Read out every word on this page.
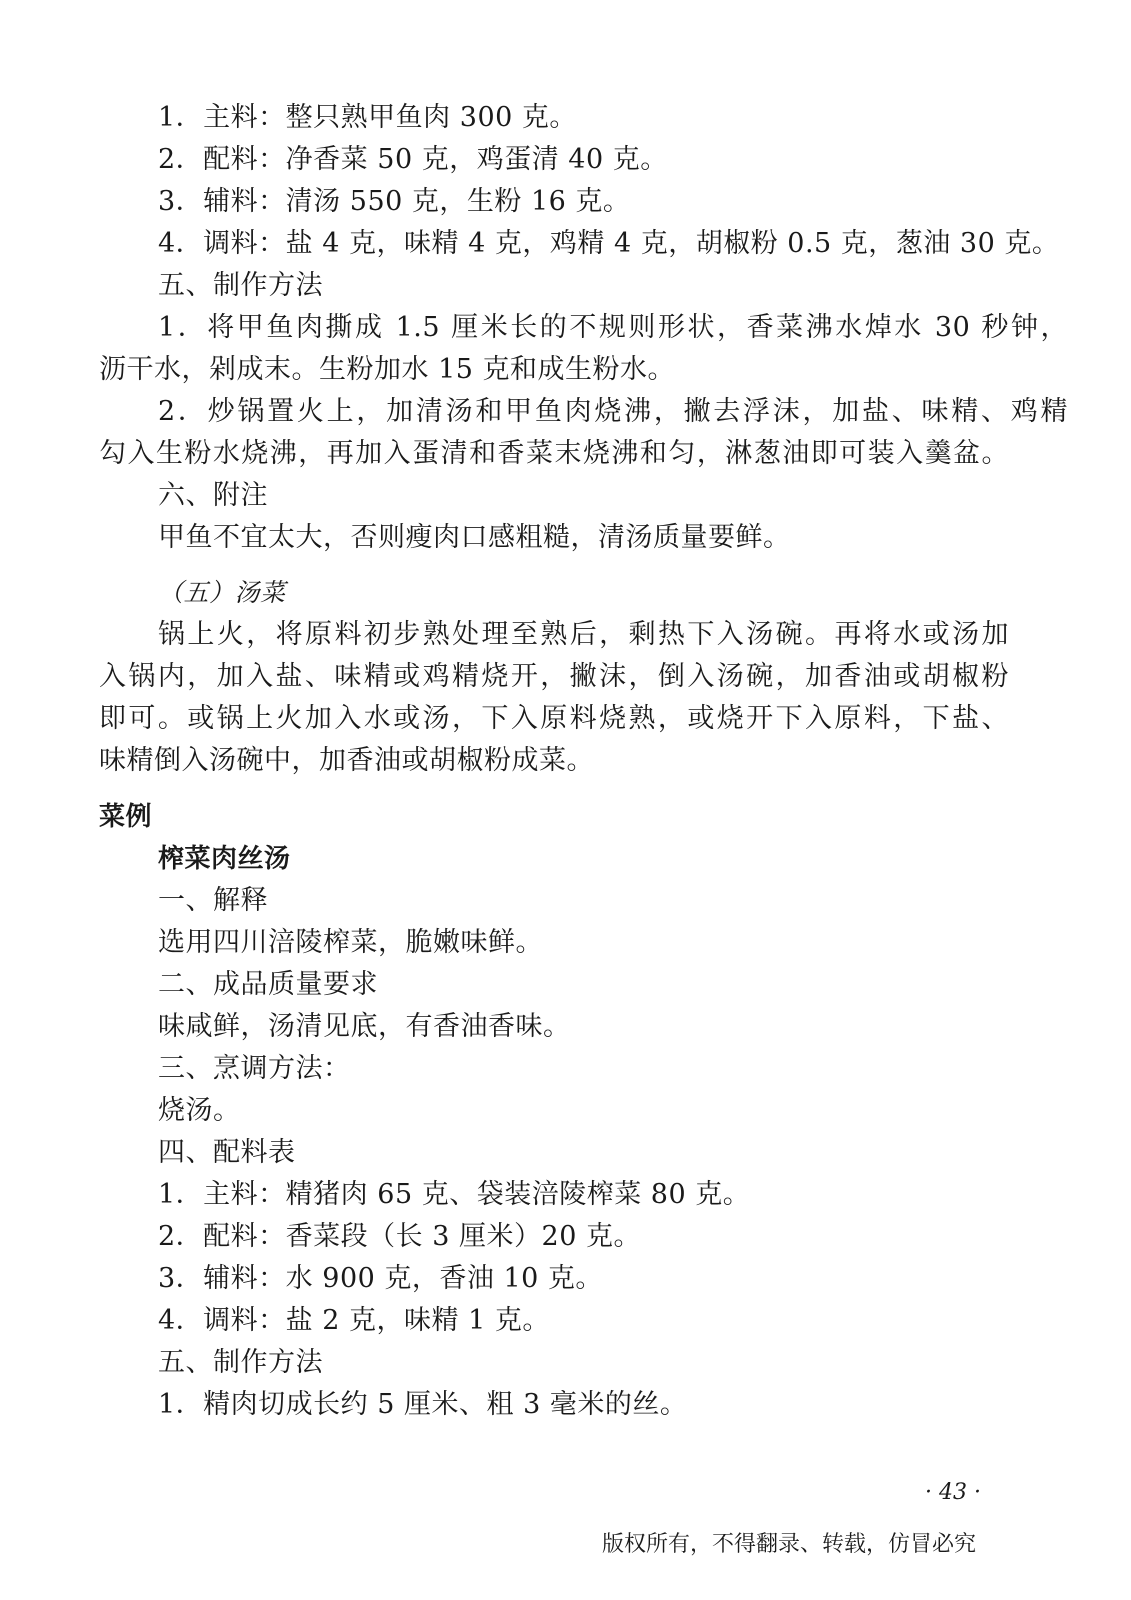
1．主料：整只熟甲鱼肉 300 克。
2．配料：净香菜 50 克，鸡蛋清 40 克。
3．辅料：清汤 550 克，生粉 16 克。
4．调料：盐 4 克，味精 4 克，鸡精 4 克，胡椒粉 0.5 克，葱油 30 克。
五、制作方法
1．将甲鱼肉撕成 1.5 厘米长的不规则形状，香菜沸水焯水 30 秒钟，
沥干水，剁成末。生粉加水 15 克和成生粉水。
2．炒锅置火上，加清汤和甲鱼肉烧沸，撇去浮沫，加盐、味精、鸡精
勾入生粉水烧沸，再加入蛋清和香菜末烧沸和匀，淋葱油即可装入羹盆。
六、附注
甲鱼不宜太大，否则瘦肉口感粗糙，清汤质量要鲜。
（五）汤菜
锅上火，将原料初步熟处理至熟后，剩热下入汤碗。再将水或汤加
入锅内，加入盐、味精或鸡精烧开，撇沫，倒入汤碗，加香油或胡椒粉
即可。或锅上火加入水或汤，下入原料烧熟，或烧开下入原料，下盐、
味精倒入汤碗中，加香油或胡椒粉成菜。
菜例
榨菜肉丝汤
一、解释
选用四川涪陵榨菜，脆嫩味鲜。
二、成品质量要求
味咸鲜，汤清见底，有香油香味。
三、烹调方法：
烧汤。
四、配料表
1．主料：精猪肉 65 克、袋装涪陵榨菜 80 克。
2．配料：香菜段（长 3 厘米）20 克。
3．辅料：水 900 克，香油 10 克。
4．调料：盐 2 克，味精 1 克。
五、制作方法
1．精肉切成长约 5 厘米、粗 3 毫米的丝。
· 43 ·
版权所有，不得翻录、转载，仿冒必究
